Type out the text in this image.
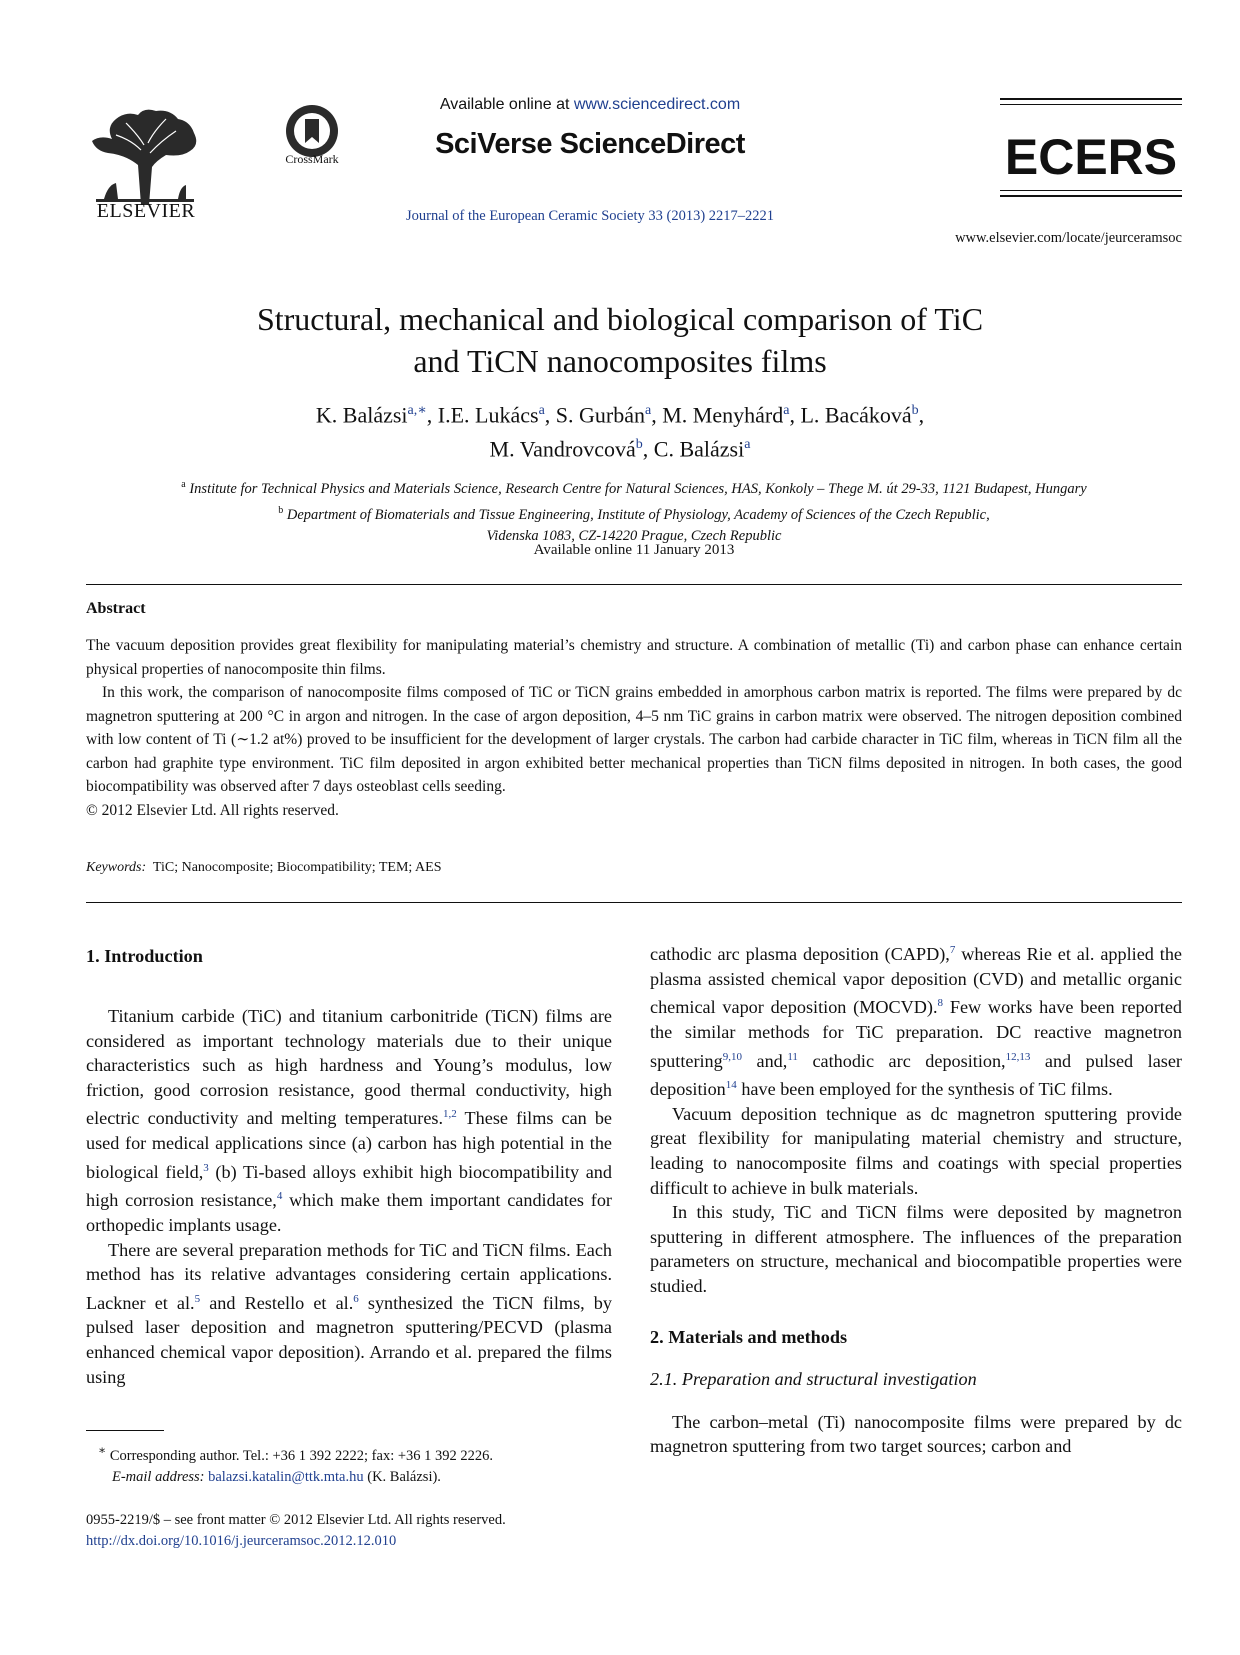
ELSEVIER
CrossMark
Available online at www.sciencedirect.com
SciVerse ScienceDirect
Journal of the European Ceramic Society 33 (2013) 2217–2221
ECERS
www.elsevier.com/locate/jeurceramsoc
Structural, mechanical and biological comparison of TiC
and TiCN nanocomposites films
K. Balázsi$^{a,∗}$, I.E. Lukács$^a$, S. Gurbán$^a$, M. Menyhárd$^a$, L. Bacáková$^b$,
M. Vandrovcová$^b$, C. Balázsi$^a$
$^a$ Institute for Technical Physics and Materials Science, Research Centre for Natural Sciences, HAS, Konkoly – Thege M. út 29-33, 1121 Budapest, Hungary
$^b$ Department of Biomaterials and Tissue Engineering, Institute of Physiology, Academy of Sciences of the Czech Republic,
Videnska 1083, CZ-14220 Prague, Czech Republic
Available online 11 January 2013
Abstract

The vacuum deposition provides great flexibility for manipulating material’s chemistry and structure. A combination of metallic (Ti) and carbon phase can enhance certain physical properties of nanocomposite thin films.

In this work, the comparison of nanocomposite films composed of TiC or TiCN grains embedded in amorphous carbon matrix is reported. The films were prepared by dc magnetron sputtering at 200 °C in argon and nitrogen. In the case of argon deposition, 4–5 nm TiC grains in carbon matrix were observed. The nitrogen deposition combined with low content of Ti (∼1.2 at%) proved to be insufficient for the development of larger crystals. The carbon had carbide character in TiC film, whereas in TiCN film all the carbon had graphite type environment. TiC film deposited in argon exhibited better mechanical properties than TiCN films deposited in nitrogen. In both cases, the good biocompatibility was observed after 7 days osteoblast cells seeding.

© 2012 Elsevier Ltd. All rights reserved.

Keywords: TiC; Nanocomposite; Biocompatibility; TEM; AES
1. Introduction

Titanium carbide (TiC) and titanium carbonitride (TiCN) films are considered as important technology materials due to their unique characteristics such as high hardness and Young’s modulus, low friction, good corrosion resistance, good thermal conductivity, high electric conductivity and melting temperatures.$^{1,2}$ These films can be used for medical applications since (a) carbon has high potential in the biological field,$^3$ (b) Ti-based alloys exhibit high biocompatibility and high corrosion resistance,$^4$ which make them important candidates for orthopedic implants usage.

There are several preparation methods for TiC and TiCN films. Each method has its relative advantages considering certain applications. Lackner et al.$^5$ and Restello et al.$^6$ synthesized the TiCN films, by pulsed laser deposition and magnetron sputtering/PECVD (plasma enhanced chemical vapor deposition). Arrando et al. prepared the films using

cathodic arc plasma deposition (CAPD),$^7$ whereas Rie et al. applied the plasma assisted chemical vapor deposition (CVD) and metallic organic chemical vapor deposition (MOCVD).$^8$ Few works have been reported the similar methods for TiC preparation. DC reactive magnetron sputtering$^{9,10}$ and,$^{11}$ cathodic arc deposition,$^{12,13}$ and pulsed laser deposition$^{14}$ have been employed for the synthesis of TiC films.

Vacuum deposition technique as dc magnetron sputtering provide great flexibility for manipulating material chemistry and structure, leading to nanocomposite films and coatings with special properties difficult to achieve in bulk materials.

In this study, TiC and TiCN films were deposited by magnetron sputtering in different atmosphere. The influences of the preparation parameters on structure, mechanical and biocompatible properties were studied.

2. Materials and methods
2.1. Preparation and structural investigation

The carbon–metal (Ti) nanocomposite films were prepared by dc magnetron sputtering from two target sources; carbon and

∗ Corresponding author. Tel.: +36 1 392 2222; fax: +36 1 392 2226.
E-mail address: balazsi.katalin@ttk.mta.hu (K. Balázsi).
0955-2219/$ – see front matter © 2012 Elsevier Ltd. All rights reserved.
http://dx.doi.org/10.1016/j.jeurceramsoc.2012.12.010
